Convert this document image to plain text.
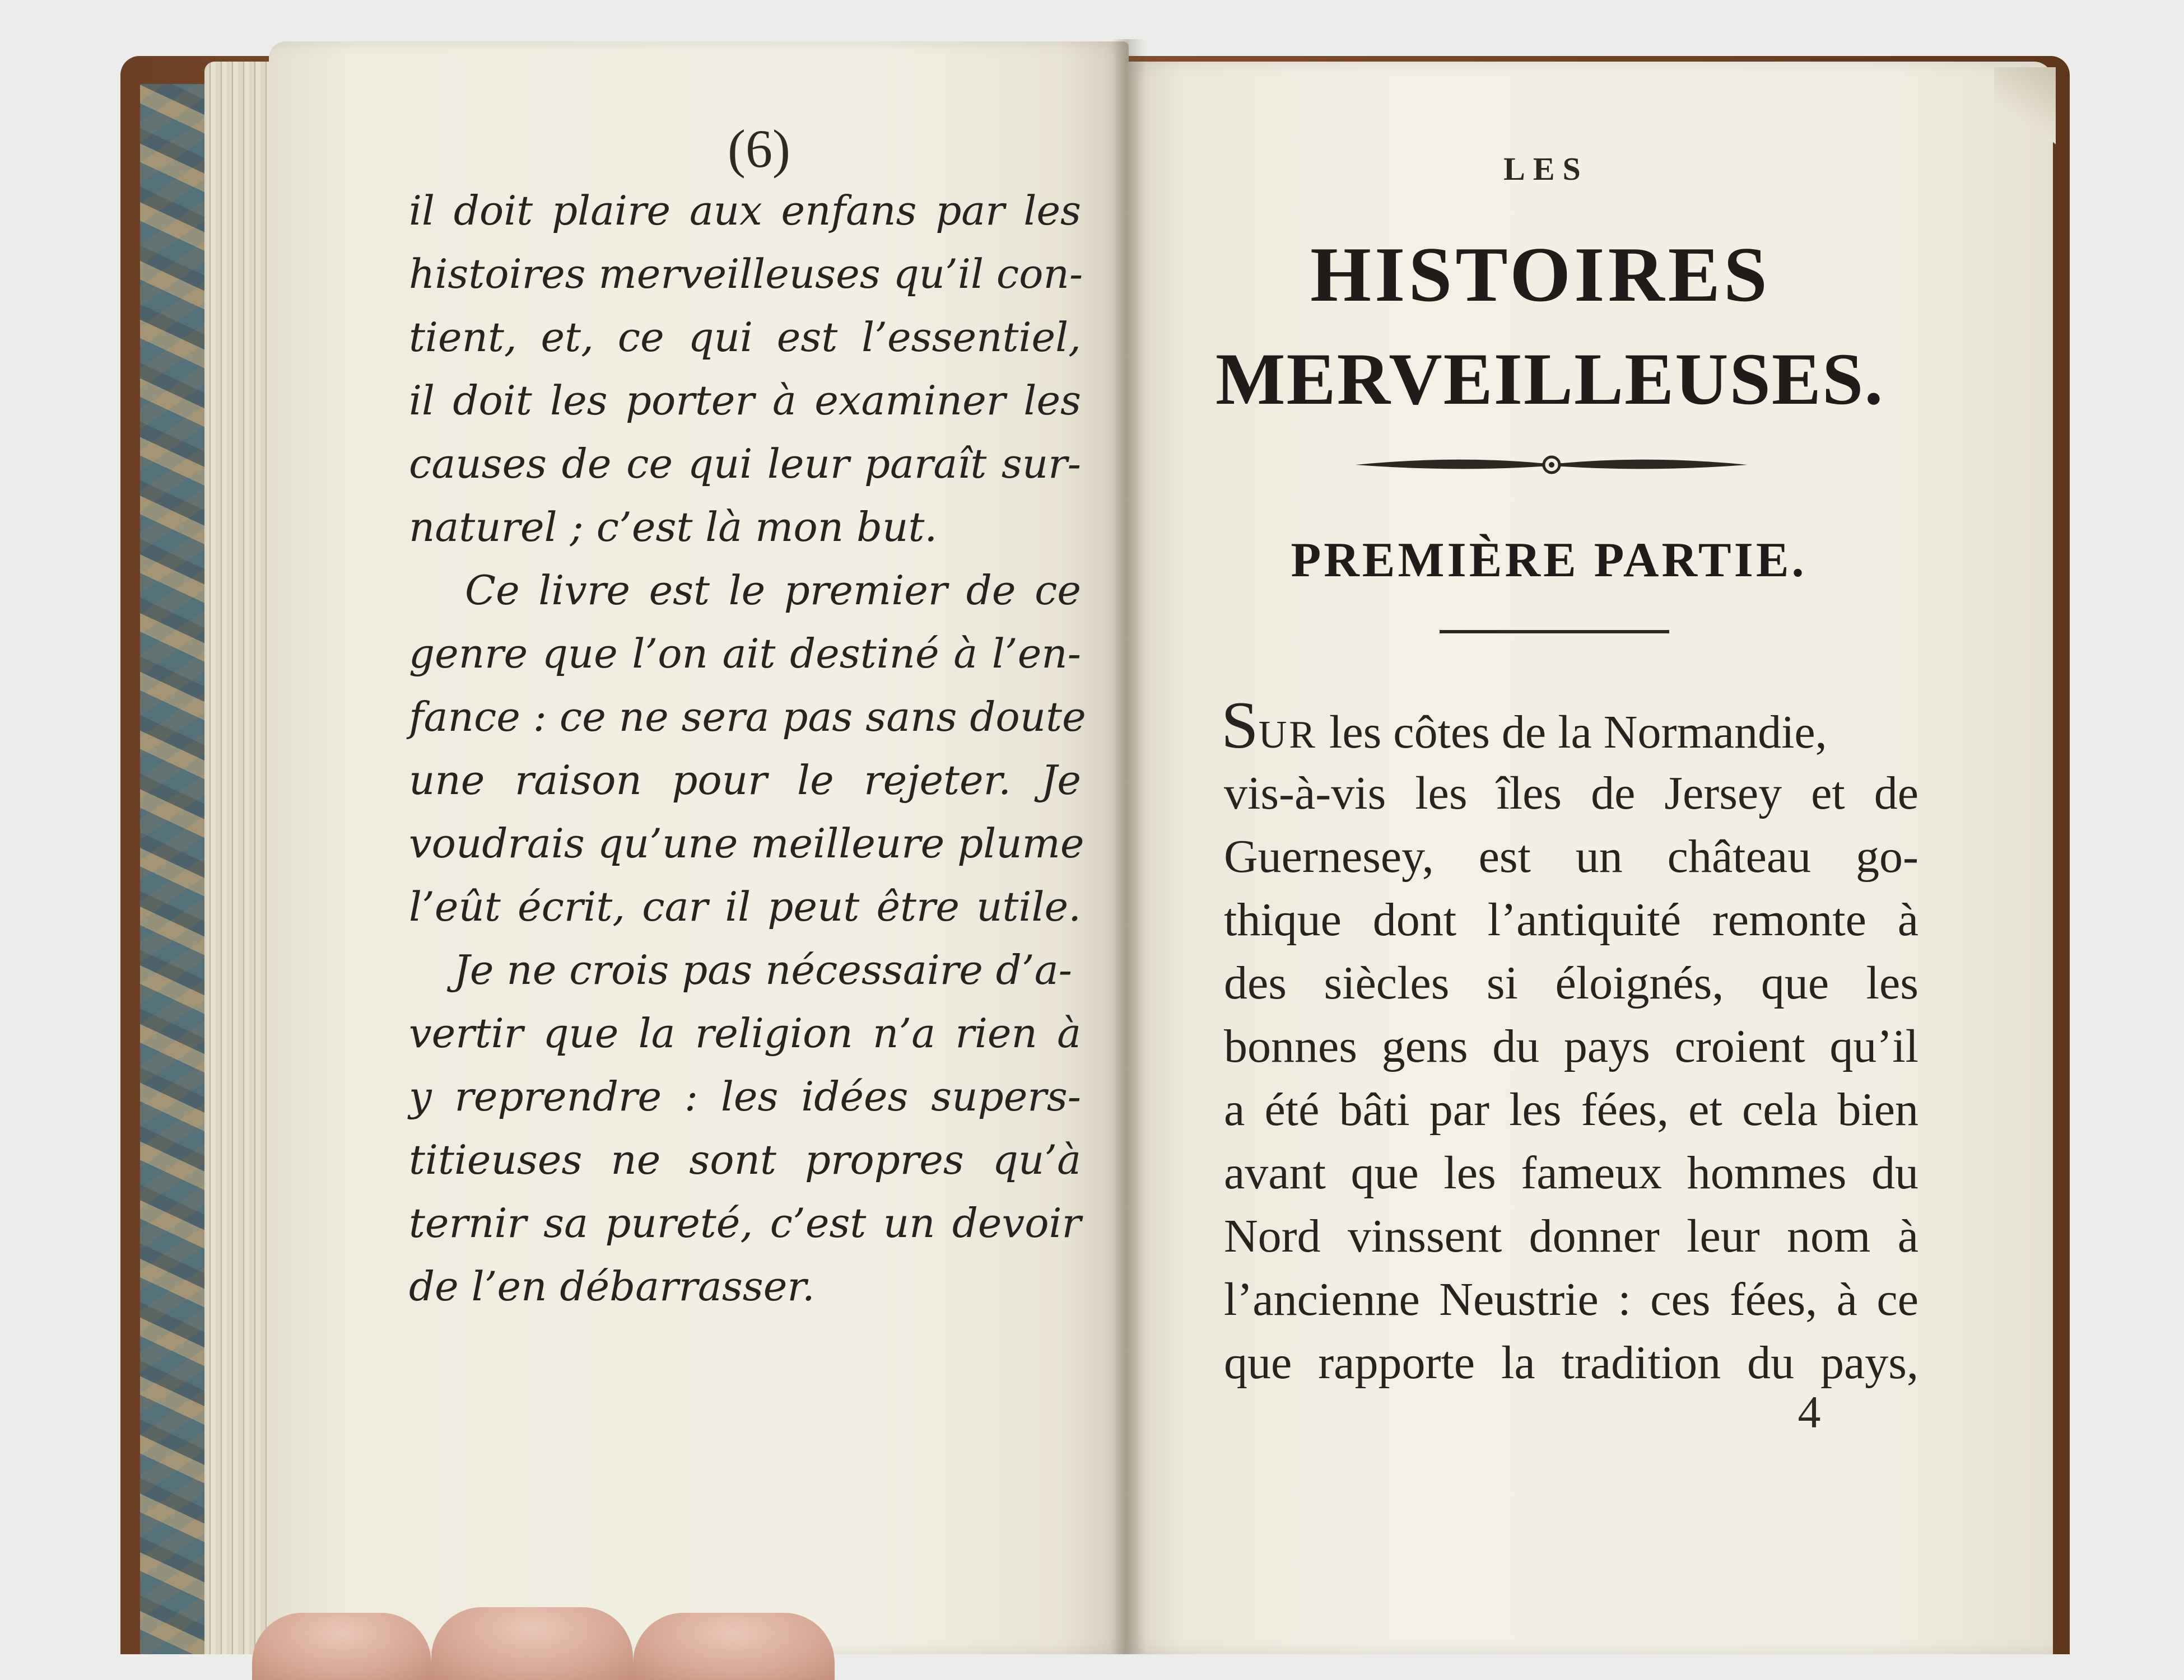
(6)
il doit plaire aux enfans par les
histoires merveilleuses qu’il con-
tient, et, ce qui est l’essentiel,
il doit les porter à examiner les
causes de ce qui leur paraît sur-
naturel ; c’est là mon but.
Ce livre est le premier de ce
genre que l’on ait destiné à l’en-
fance : ce ne sera pas sans doute
une raison pour le rejeter. Je
voudrais qu’une meilleure plume
l’eût écrit, car il peut être utile.
Je ne crois pas nécessaire d’a-
vertir que la religion n’a rien à
y reprendre : les idées supers-
titieuses ne sont propres qu’à
ternir sa pureté, c’est un devoir
de l’en débarrasser.
LES
HISTOIRES
MERVEILLEUSES.
PREMIÈRE PARTIE.
SUR les côtes de la Normandie,
vis-à-vis les îles de Jersey et de
Guernesey, est un château go-
thique dont l’antiquité remonte à
des siècles si éloignés, que les
bonnes gens du pays croient qu’il
a été bâti par les fées, et cela bien
avant que les fameux hommes du
Nord vinssent donner leur nom à
l’ancienne Neustrie : ces fées, à ce
que rapporte la tradition du pays,
4
